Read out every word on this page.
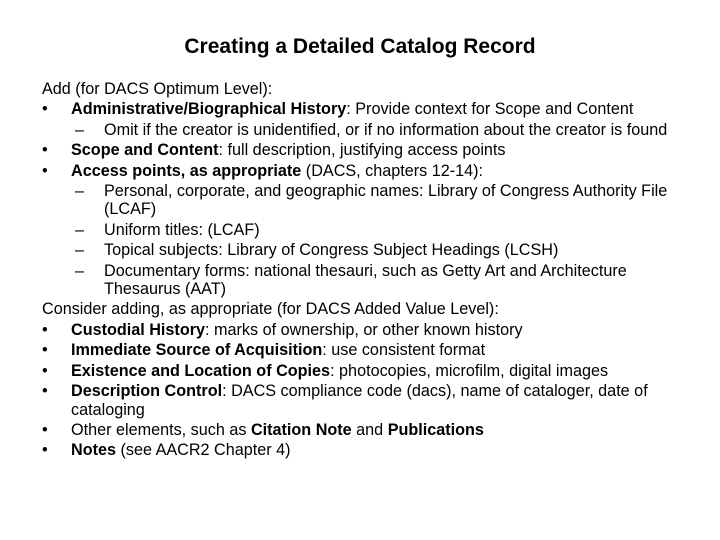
Creating a Detailed Catalog Record
Add (for DACS Optimum Level):
• Administrative/Biographical History: Provide context for Scope and Content
– Omit if the creator is unidentified, or if no information about the creator is found
• Scope and Content: full description, justifying access points
• Access points, as appropriate (DACS, chapters 12-14):
– Personal, corporate, and geographic names: Library of Congress Authority File (LCAF)
– Uniform titles: (LCAF)
– Topical subjects: Library of Congress Subject Headings (LCSH)
– Documentary forms: national thesauri, such as Getty Art and Architecture Thesaurus (AAT)
Consider adding, as appropriate (for DACS Added Value Level):
• Custodial History: marks of ownership, or other known history
• Immediate Source of Acquisition: use consistent format
• Existence and Location of Copies: photocopies, microfilm, digital images
• Description Control: DACS compliance code (dacs), name of cataloger, date of cataloging
• Other elements, such as Citation Note and Publications
• Notes (see AACR2 Chapter 4)
